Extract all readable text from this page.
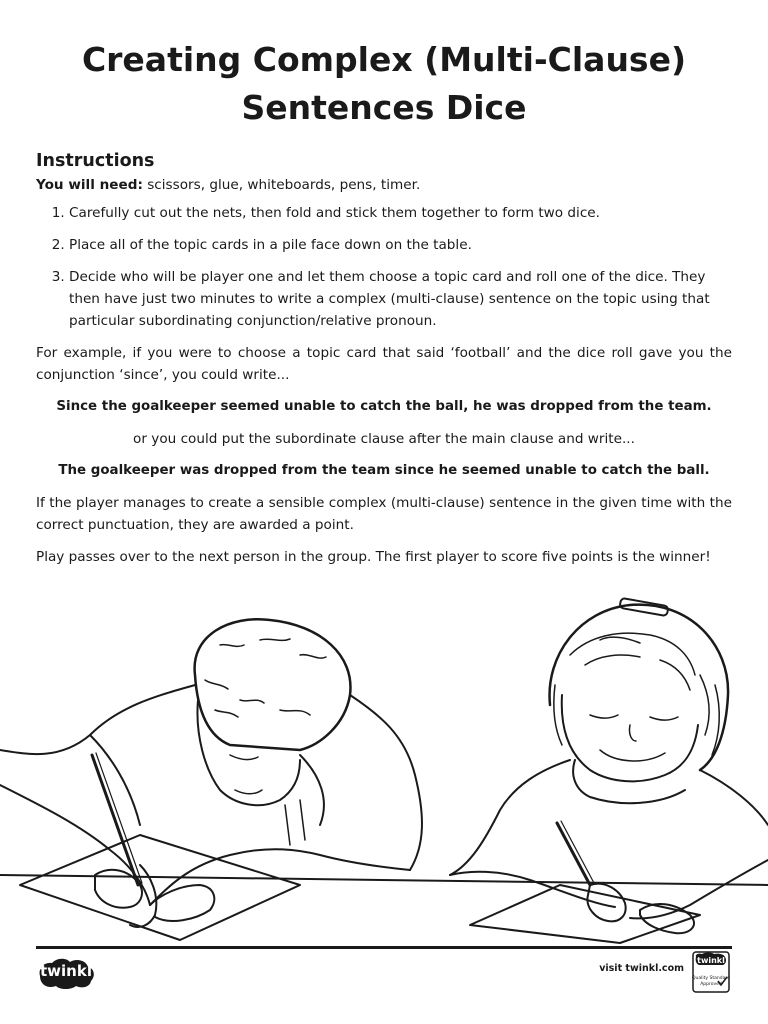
Creating Complex (Multi-Clause)
Sentences Dice
Instructions

You will need: scissors, glue, whiteboards, pens, timer.

1. Carefully cut out the nets, then fold and stick them together to form two dice.
2. Place all of the topic cards in a pile face down on the table.
3. Decide who will be player one and let them choose a topic card and roll one of the dice. They then have just two minutes to write a complex (multi-clause) sentence on the topic using that particular subordinating conjunction/relative pronoun.

For example, if you were to choose a topic card that said ‘football’ and the dice roll gave you the conjunction ‘since’, you could write...

Since the goalkeeper seemed unable to catch the ball, he was dropped from the team.

or you could put the subordinate clause after the main clause and write...

The goalkeeper was dropped from the team since he seemed unable to catch the ball.

If the player manages to create a sensible complex (multi-clause) sentence in the given time with the correct punctuation, they are awarded a point.

Play passes over to the next person in the group. The first player to score five points is the winner!

twinkl	visit twinkl.com
twinkl
Quality Standard Approved
